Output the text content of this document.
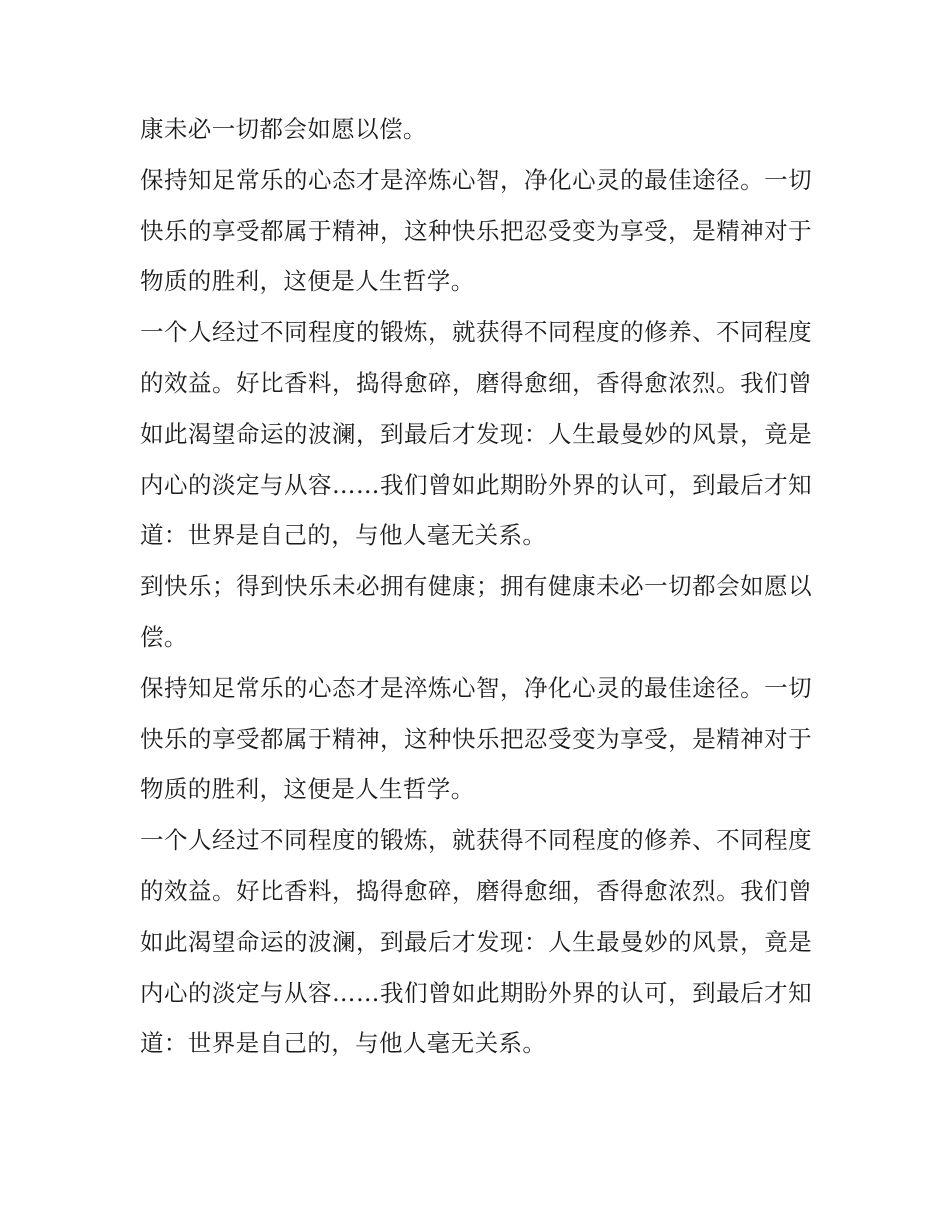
康未必一切都会如愿以偿。

保持知足常乐的心态才是淬炼心智，净化心灵的最佳途径。一切快乐的享受都属于精神，这种快乐把忍受变为享受，是精神对于物质的胜利，这便是人生哲学。

一个人经过不同程度的锻炼，就获得不同程度的修养、不同程度的效益。好比香料，捣得愈碎，磨得愈细，香得愈浓烈。我们曾如此渴望命运的波澜，到最后才发现：人生最曼妙的风景，竟是内心的淡定与从容……我们曾如此期盼外界的认可，到最后才知道：世界是自己的，与他人毫无关系。

到快乐；得到快乐未必拥有健康；拥有健康未必一切都会如愿以偿。

保持知足常乐的心态才是淬炼心智，净化心灵的最佳途径。一切快乐的享受都属于精神，这种快乐把忍受变为享受，是精神对于物质的胜利，这便是人生哲学。

一个人经过不同程度的锻炼，就获得不同程度的修养、不同程度的效益。好比香料，捣得愈碎，磨得愈细，香得愈浓烈。我们曾如此渴望命运的波澜，到最后才发现：人生最曼妙的风景，竟是内心的淡定与从容……我们曾如此期盼外界的认可，到最后才知道：世界是自己的，与他人毫无关系。
